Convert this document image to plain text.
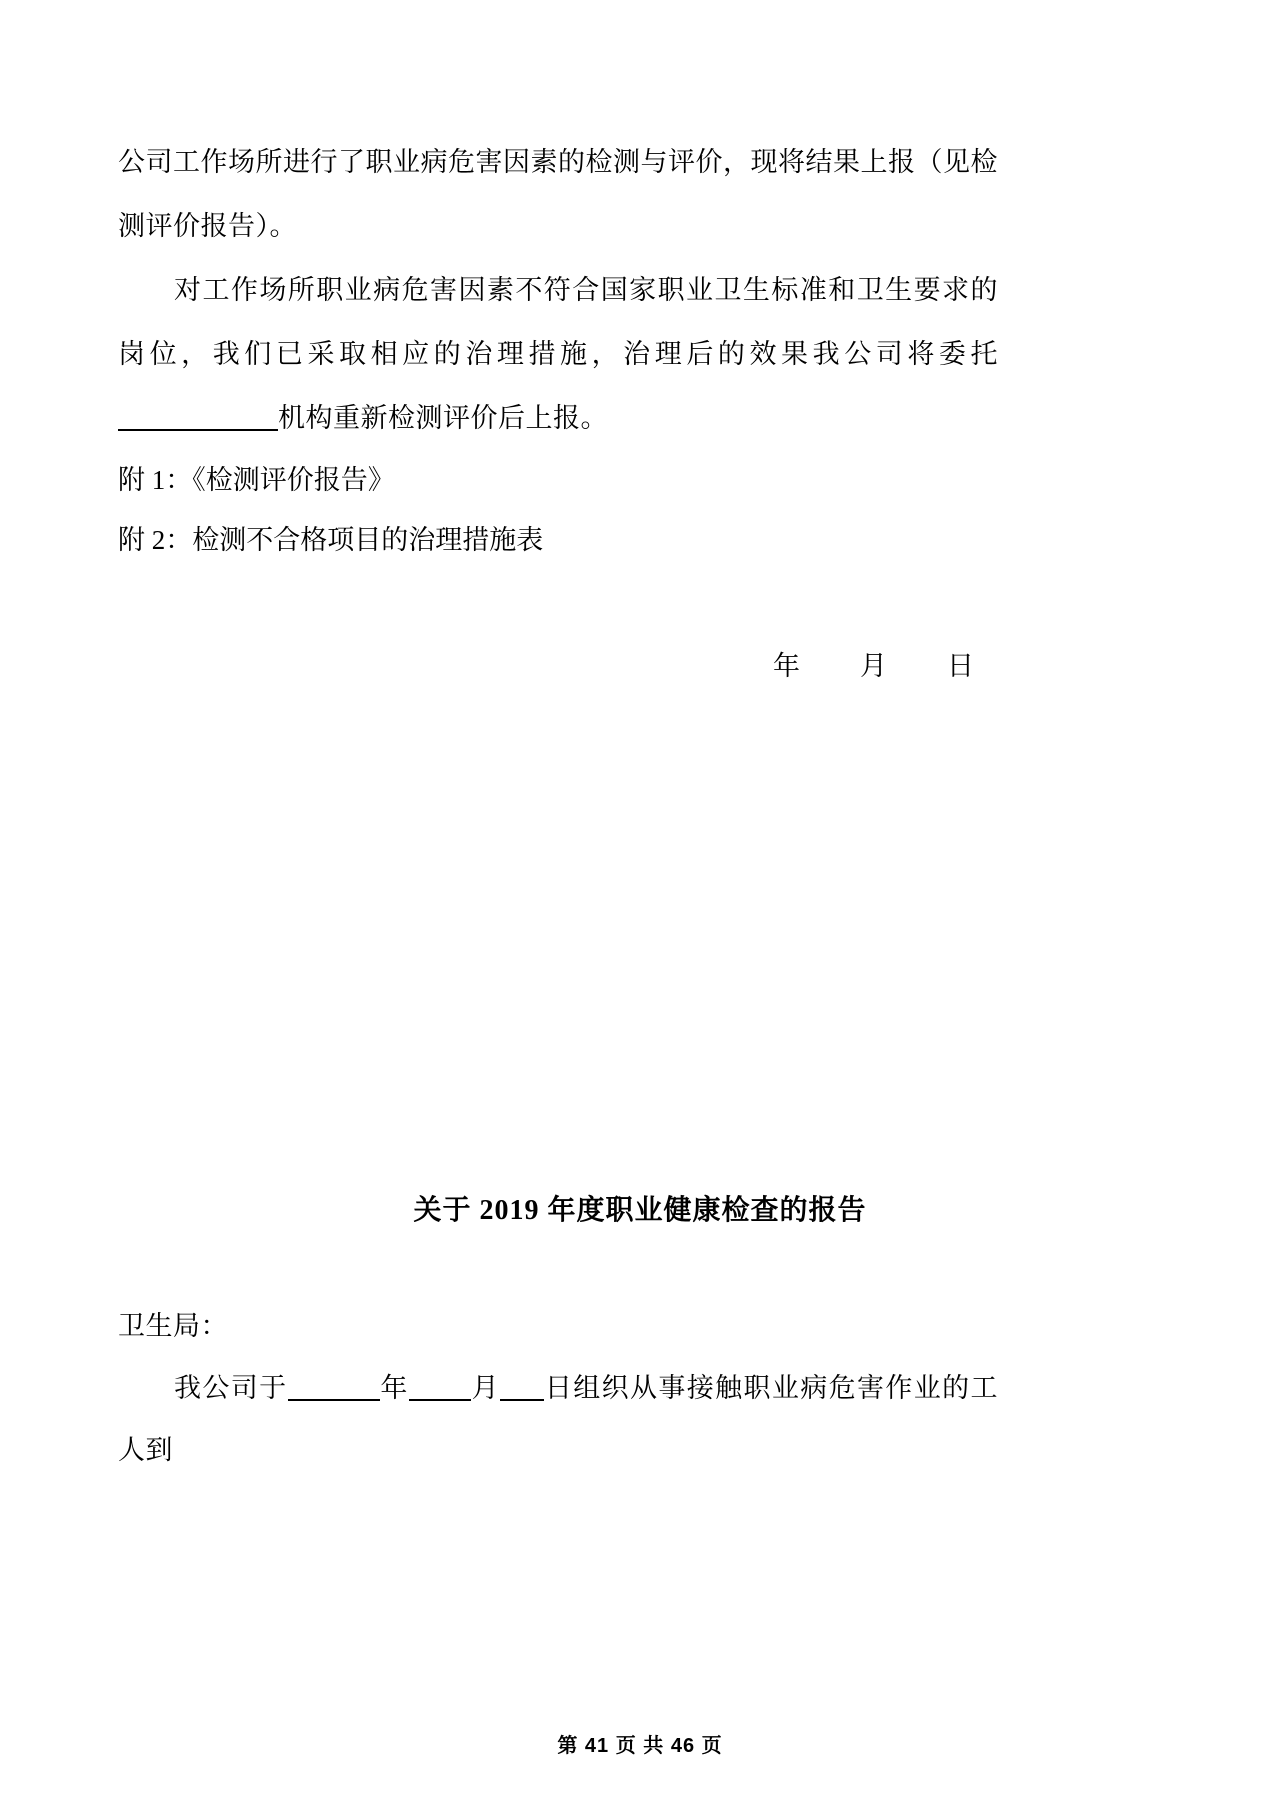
公司工作场所进行了职业病危害因素的检测与评价，现将结果上报（见检测评价报告）。

对工作场所职业病危害因素不符合国家职业卫生标准和卫生要求的岗位，我们已采取相应的治理措施，治理后的效果我公司将委托机构重新检测评价后上报。

附 1：《检测评价报告》

附 2：检测不合格项目的治理措施表

年 月 日
关于 2019 年度职业健康检查的报告

卫生局：

我公司于	年 月 日组织从事接触职业病危害作业的工人到

第 41 页 共 46 页
